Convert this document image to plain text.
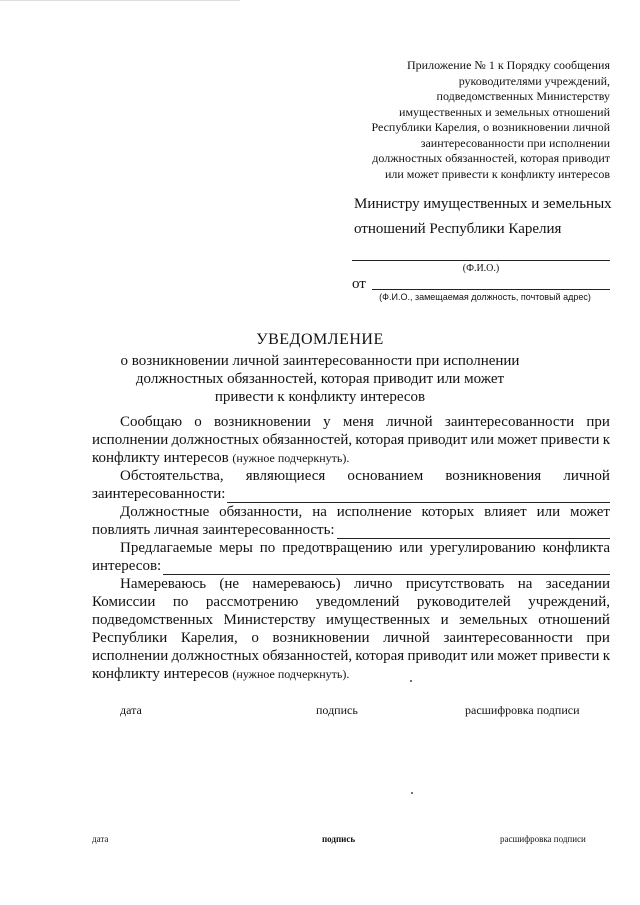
Приложение № 1 к Порядку сообщения
руководителями учреждений,
подведомственных Министерству
имущественных и земельных отношений
Республики Карелия, о возникновении личной
заинтересованности при исполнении
должностных обязанностей, которая приводит
или может привести к конфликту интересов
Министру имущественных и земельных
отношений Республики Карелия
(Ф.И.О.)
от
(Ф.И.О., замещаемая должность, почтовый адрес)
УВЕДОМЛЕНИЕ
о возникновении личной заинтересованности при исполнении
должностных обязанностей, которая приводит или может
привести к конфликту интересов
Сообщаю о возникновении у меня личной заинтересованности при
исполнении должностных обязанностей, которая приводит или может привести к
конфликту интересов (нужное подчеркнуть).
Обстоятельства, являющиеся основанием возникновения личной
заинтересованности:
Должностные обязанности, на исполнение которых влияет или может
повлиять личная заинтересованность:
Предлагаемые меры по предотвращению или урегулированию конфликта
интересов:
Намереваюсь (не намереваюсь) лично присутствовать на заседании
Комиссии по рассмотрению уведомлений руководителей учреждений,
подведомственных Министерству имущественных и земельных отношений
Республики Карелия, о возникновении личной заинтересованности при
исполнении должностных обязанностей, которая приводит или может привести к
конфликту интересов (нужное подчеркнуть).
дата	подпись	расшифровка подписи
дата	подпись	расшифровка подписи
